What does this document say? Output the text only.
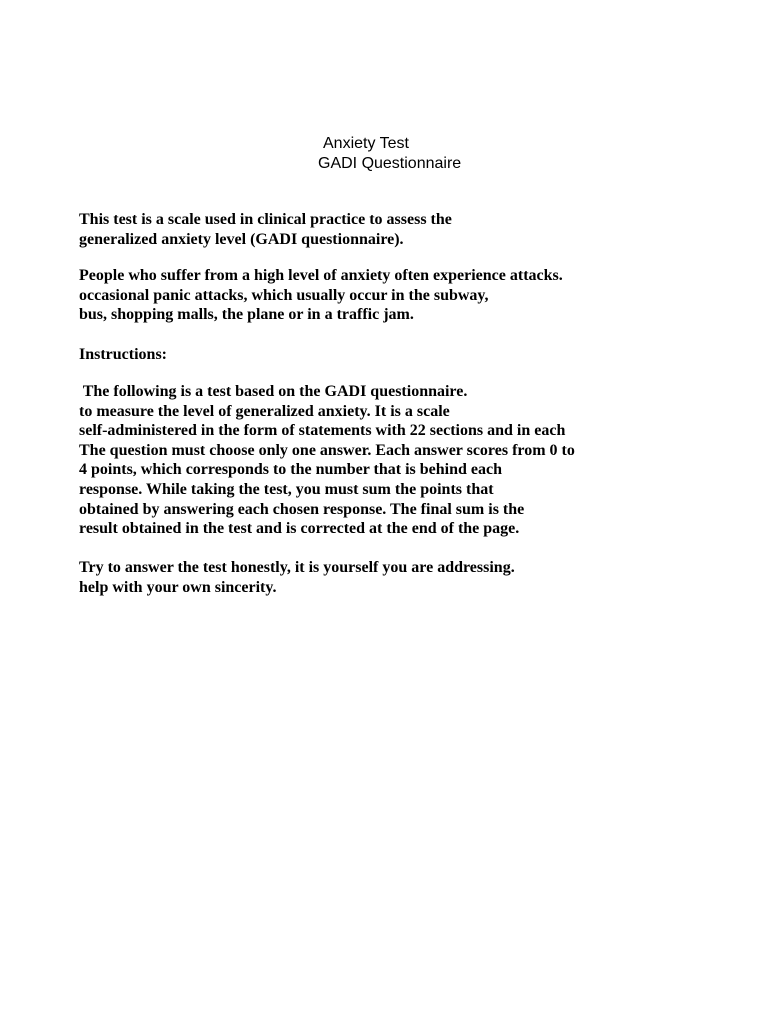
Anxiety Test
GADI Questionnaire
This test is a scale used in clinical practice to assess the
generalized anxiety level (GADI questionnaire).
People who suffer from a high level of anxiety often experience attacks.
occasional panic attacks, which usually occur in the subway,
bus, shopping malls, the plane or in a traffic jam.
Instructions:
The following is a test based on the GADI questionnaire.
to measure the level of generalized anxiety. It is a scale
self-administered in the form of statements with 22 sections and in each
The question must choose only one answer. Each answer scores from 0 to
4 points, which corresponds to the number that is behind each
response. While taking the test, you must sum the points that
obtained by answering each chosen response. The final sum is the
result obtained in the test and is corrected at the end of the page.
Try to answer the test honestly, it is yourself you are addressing.
help with your own sincerity.
